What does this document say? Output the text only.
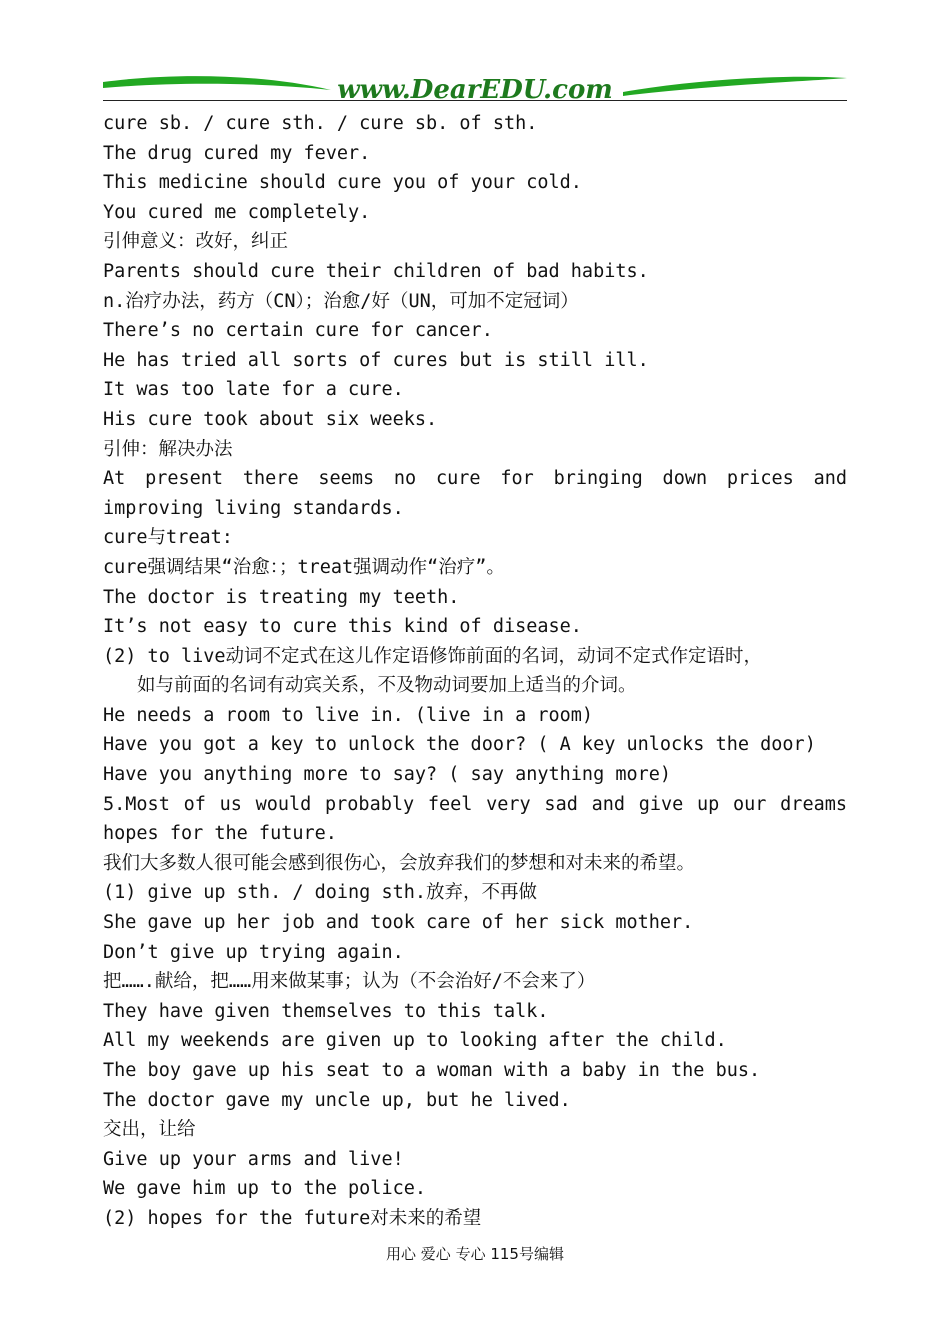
www.DearEDU.com
cure sb. / cure sth. / cure sb. of sth.
The drug cured my fever.
This medicine should cure you of your cold.
You cured me completely.
引伸意义：改好，纠正
Parents should cure their children of bad habits.
n.治疗办法，药方（CN）；治愈/好（UN，可加不定冠词）
There’s no certain cure for cancer.
He has tried all sorts of cures but is still ill.
It was too late for a cure.
His cure took about six weeks.
引伸：解决办法
At present there seems no cure for bringing down prices and
improving living standards.
cure与treat:
cure强调结果“治愈：；treat强调动作“治疗”。
The doctor is treating my teeth.
It’s not easy to cure this kind of disease.
(2) to live动词不定式在这儿作定语修饰前面的名词，动词不定式作定语时，
如与前面的名词有动宾关系，不及物动词要加上适当的介词。
He needs a room to live in. (live in a room)
Have you got a key to unlock the door? ( A key unlocks the door)
Have you anything more to say? ( say anything more)
5.Most of us would probably feel very sad and give up our dreams
hopes for the future.
我们大多数人很可能会感到很伤心，会放弃我们的梦想和对未来的希望。
(1) give up sth. / doing sth.放弃，不再做
She gave up her job and took care of her sick mother.
Don’t give up trying again.
把…….献给，把……用来做某事；认为（不会治好/不会来了）
They have given themselves to this talk.
All my weekends are given up to looking after the child.
The boy gave up his seat to a woman with a baby in the bus.
The doctor gave my uncle up, but he lived.
交出，让给
Give up your arms and live!
We gave him up to the police.
(2) hopes for the future对未来的希望
用心 爱心 专心 115号编辑
